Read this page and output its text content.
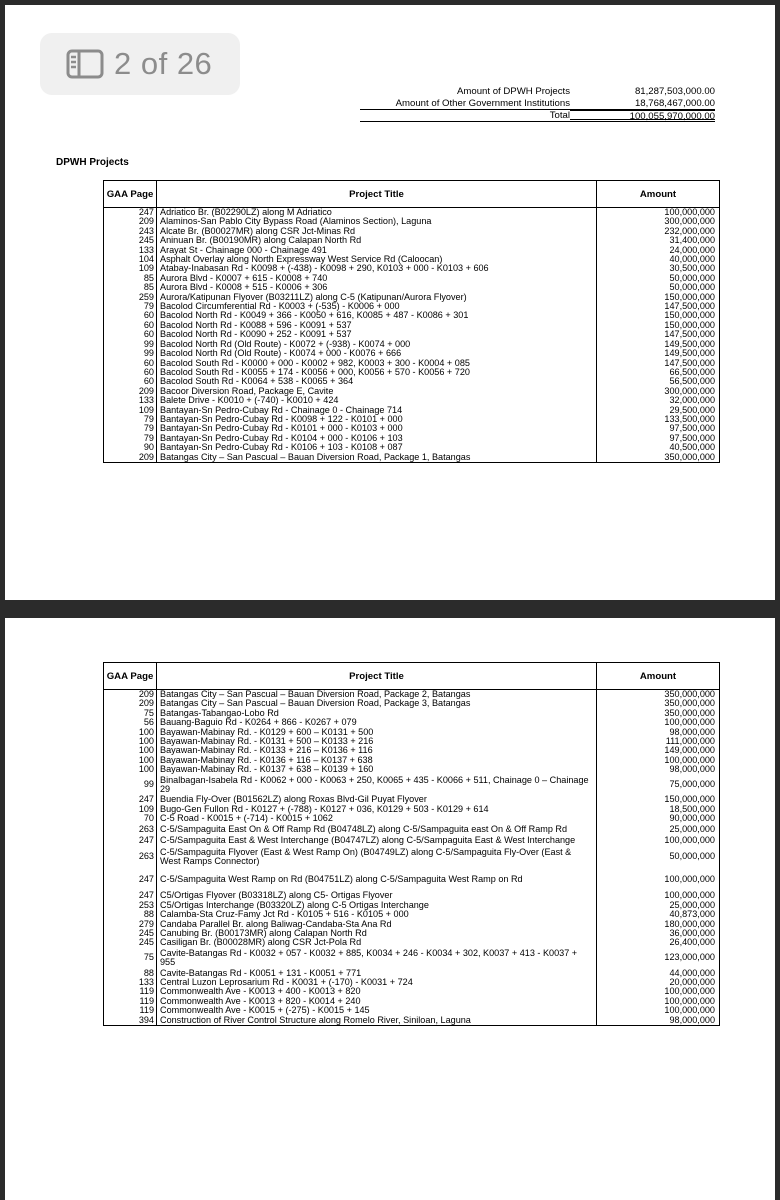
2 of 26
Amount of DPWH Projects	81,287,503,000.00
Amount of Other Government Institutions	18,768,467,000.00
Total	100,055,970,000.00
DPWH Projects
GAA Page	Project Title	Amount
247	Adriatico Br. (B02290LZ) along M Adriatico	100,000,000
209	Alaminos-San Pablo City Bypass Road (Alaminos Section), Laguna	300,000,000
243	Alcate Br. (B00027MR) along CSR Jct-Minas Rd	232,000,000
245	Aninuan Br. (B00190MR) along Calapan North Rd	31,400,000
133	Arayat St - Chainage 000 - Chainage 491	24,000,000
104	Asphalt Overlay along North Expressway West Service Rd (Caloocan)	40,000,000
109	Atabay-Inabasan Rd - K0098 + (-438) - K0098 + 290, K0103 + 000 - K0103 + 606	30,500,000
85	Aurora Blvd - K0007 + 615 - K0008 + 740	50,000,000
85	Aurora Blvd - K0008 + 515 - K0006 + 306	50,000,000
259	Aurora/Katipunan Flyover (B03211LZ) along C-5 (Katipunan/Aurora Flyover)	150,000,000
79	Bacolod Circumferential Rd - K0003 + (-535) - K0006 + 000	147,500,000
60	Bacolod North Rd - K0049 + 366 - K0050 + 616, K0085 + 487 - K0086 + 301	150,000,000
60	Bacolod North Rd - K0088 + 596 - K0091 + 537	150,000,000
60	Bacolod North Rd - K0090 + 252 - K0091 + 537	147,500,000
99	Bacolod North Rd (Old Route) - K0072 + (-938) - K0074 + 000	149,500,000
99	Bacolod North Rd (Old Route) - K0074 + 000 - K0076 + 666	149,500,000
60	Bacolod South Rd - K0000 + 000 - K0002 + 982, K0003 + 300 - K0004 + 085	147,500,000
60	Bacolod South Rd - K0055 + 174 - K0056 + 000, K0056 + 570 - K0056 + 720	66,500,000
60	Bacolod South Rd - K0064 + 538 - K0065 + 364	56,500,000
209	Bacoor Diversion Road, Package E, Cavite	300,000,000
133	Balete Drive - K0010 + (-740) - K0010 + 424	32,000,000
109	Bantayan-Sn Pedro-Cubay Rd - Chainage 0 - Chainage 714	29,500,000
79	Bantayan-Sn Pedro-Cubay Rd - K0098 + 122 - K0101 + 000	133,500,000
79	Bantayan-Sn Pedro-Cubay Rd - K0101 + 000 - K0103 + 000	97,500,000
79	Bantayan-Sn Pedro-Cubay Rd - K0104 + 000 - K0106 + 103	97,500,000
90	Bantayan-Sn Pedro-Cubay Rd - K0106 + 103 - K0108 + 087	40,500,000
209	Batangas City – San Pascual – Bauan Diversion Road, Package 1, Batangas	350,000,000
GAA Page	Project Title	Amount
209	Batangas City – San Pascual – Bauan Diversion Road, Package 2, Batangas	350,000,000
209	Batangas City – San Pascual – Bauan Diversion Road, Package 3, Batangas	350,000,000
75	Batangas-Tabangao-Lobo Rd	350,000,000
56	Bauang-Baguio Rd - K0264 + 866 - K0267 + 079	100,000,000
100	Bayawan-Mabinay Rd. - K0129 + 600 – K0131 + 500	98,000,000
100	Bayawan-Mabinay Rd. - K0131 + 500 – K0133 + 216	111,000,000
100	Bayawan-Mabinay Rd. - K0133 + 216 – K0136 + 116	149,000,000
100	Bayawan-Mabinay Rd. - K0136 + 116 – K0137 + 638	100,000,000
100	Bayawan-Mabinay Rd. - K0137 + 638 – K0139 + 160	98,000,000
99	Binalbagan-Isabela Rd - K0062 + 000 - K0063 + 250, K0065 + 435 - K0066 + 511, Chainage 0 – Chainage 29	75,000,000
247	Buendia Fly-Over (B01562LZ) along Roxas Blvd-Gil Puyat Flyover	150,000,000
109	Bugo-Gen Fullon Rd - K0127 + (-788) - K0127 + 036, K0129 + 503 - K0129 + 614	18,500,000
70	C-5 Road - K0015 + (-714) - K0015 + 1062	90,000,000
263	C-5/Sampaguita East On & Off Ramp Rd (B04748LZ) along C-5/Sampaguita east On & Off Ramp Rd	25,000,000
247	C-5/Sampaguita East & West Interchange (B04747LZ) along C-5/Sampaguita East & West Interchange	100,000,000
263	C-5/Sampaguita Flyover (East & West Ramp On) (B04749LZ) along C-5/Sampaguita Fly-Over (East & West Ramps Connector)	50,000,000
247	C-5/Sampaguita West Ramp on Rd (B04751LZ) along C-5/Sampaguita West Ramp on Rd	100,000,000
247	C5/Ortigas Flyover (B03318LZ) along C5- Ortigas Flyover	100,000,000
253	C5/Ortigas Interchange (B03320LZ) along C-5 Ortigas Interchange	25,000,000
88	Calamba-Sta Cruz-Famy Jct Rd - K0105 + 516 - K0105 + 000	40,873,000
279	Candaba Parallel Br. along Baliwag-Candaba-Sta Ana Rd	180,000,000
245	Canubing Br. (B00173MR) along Calapan North Rd	36,000,000
245	Casiligan Br. (B00028MR) along CSR Jct-Pola Rd	26,400,000
75	Cavite-Batangas Rd - K0032 + 057 - K0032 + 885, K0034 + 246 - K0034 + 302, K0037 + 413 - K0037 + 955	123,000,000
88	Cavite-Batangas Rd - K0051 + 131 - K0051 + 771	44,000,000
133	Central Luzon Leprosarium Rd - K0031 + (-170) - K0031 + 724	20,000,000
119	Commonwealth Ave - K0013 + 400 - K0013 + 820	100,000,000
119	Commonwealth Ave - K0013 + 820 - K0014 + 240	100,000,000
119	Commonwealth Ave - K0015 + (-275) - K0015 + 145	100,000,000
394	Construction of River Control Structure along Romelo River, Siniloan, Laguna	98,000,000
